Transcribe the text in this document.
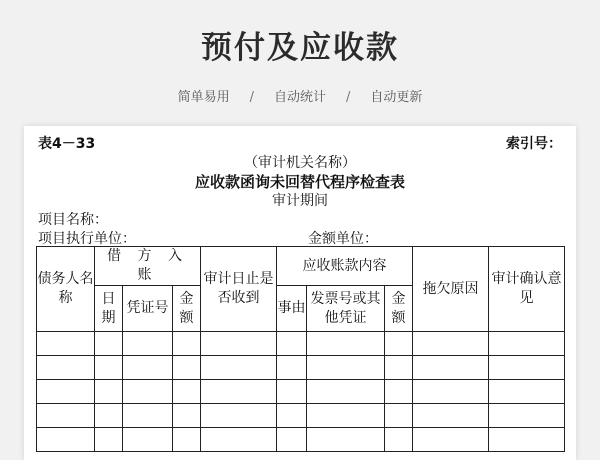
预付及应收款
简单易用 / 自动统计 / 自动更新
表4－33	索引号：
（审计机关名称）
应收款函询未回替代程序检查表
审计期间
项目名称：
项目执行单位：	金额单位：
债务人名称	借 方 入 账			审计日止是否收到	应收账款内容			拖欠原因	审计确认意见
	日期	凭证号	金额		事由	发票号或其他凭证	金额		
